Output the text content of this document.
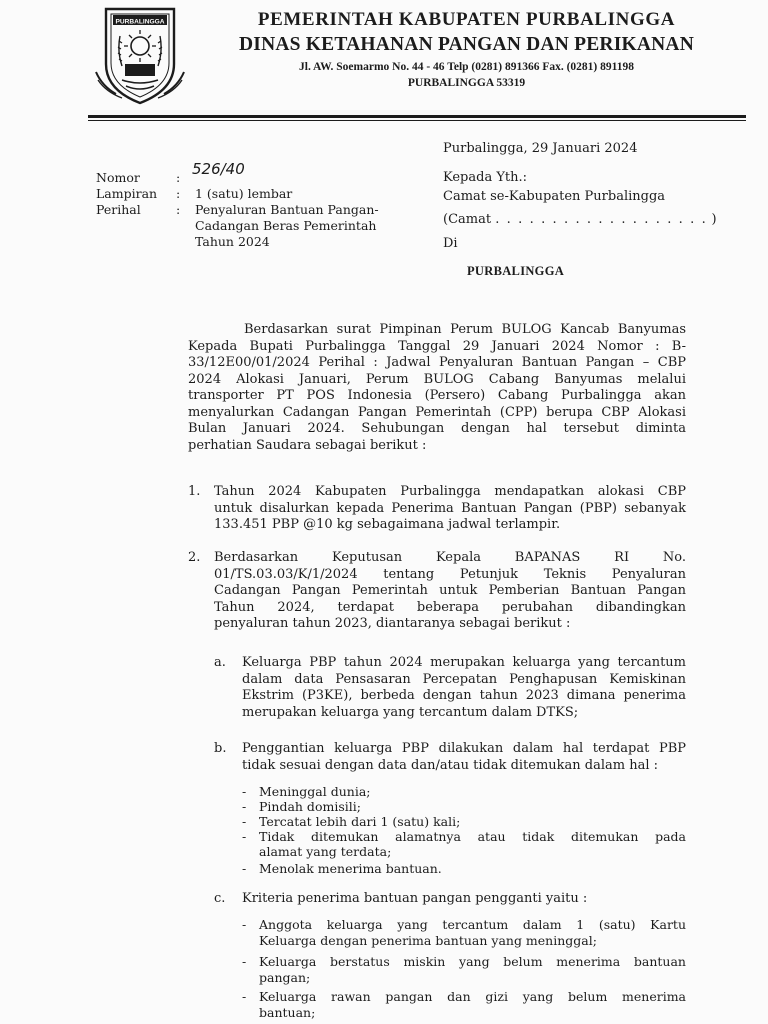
PURBALINGGA	PEMERINTAH KABUPATEN PURBALINGGA
DINAS KETAHANAN PANGAN DAN PERIKANAN
Jl. AW. Soemarmo No. 44 - 46 Telp (0281) 891366 Fax. (0281) 891198
PURBALINGGA 53319
Purbalingga, 29 Januari 2024
Nomor	: 526/40
Lampiran : 1 (satu) lembar
Perihal	: Penyaluran Bantuan Pangan-
Cadangan Beras Pemerintah
Tahun 2024
Kepada Yth.:
Camat se-Kabupaten Purbalingga
(Camat . . . . . . . . . . . . . . . . . . . )
Di
PURBALINGGA
Berdasarkan surat Pimpinan Perum BULOG Kancab Banyumas
Kepada Bupati Purbalingga Tanggal 29 Januari 2024 Nomor : B-
33/12E00/01/2024 Perihal : Jadwal Penyaluran Bantuan Pangan – CBP
2024 Alokasi Januari, Perum BULOG Cabang Banyumas melalui
transporter PT POS Indonesia (Persero) Cabang Purbalingga akan
menyalurkan Cadangan Pangan Pemerintah (CPP) berupa CBP Alokasi
Bulan Januari 2024. Sehubungan dengan hal tersebut diminta
perhatian Saudara sebagai berikut :
1. Tahun 2024 Kabupaten Purbalingga mendapatkan alokasi CBP
untuk disalurkan kepada Penerima Bantuan Pangan (PBP) sebanyak
133.451 PBP @10 kg sebagaimana jadwal terlampir.
2. Berdasarkan Keputusan Kepala BAPANAS RI No.
01/TS.03.03/K/1/2024 tentang Petunjuk Teknis Penyaluran
Cadangan Pangan Pemerintah untuk Pemberian Bantuan Pangan
Tahun 2024, terdapat beberapa perubahan dibandingkan
penyaluran tahun 2023, diantaranya sebagai berikut :
a. Keluarga PBP tahun 2024 merupakan keluarga yang tercantum
dalam data Pensasaran Percepatan Penghapusan Kemiskinan
Ekstrim (P3KE), berbeda dengan tahun 2023 dimana penerima
merupakan keluarga yang tercantum dalam DTKS;
b. Penggantian keluarga PBP dilakukan dalam hal terdapat PBP
tidak sesuai dengan data dan/atau tidak ditemukan dalam hal :
- Meninggal dunia;
- Pindah domisili;
- Tercatat lebih dari 1 (satu) kali;
- Tidak ditemukan alamatnya atau tidak ditemukan pada
alamat yang terdata;
- Menolak menerima bantuan.
c. Kriteria penerima bantuan pangan pengganti yaitu :
- Anggota keluarga yang tercantum dalam 1 (satu) Kartu
Keluarga dengan penerima bantuan yang meninggal;
- Keluarga berstatus miskin yang belum menerima bantuan
pangan;
- Keluarga rawan pangan dan gizi yang belum menerima
bantuan;
